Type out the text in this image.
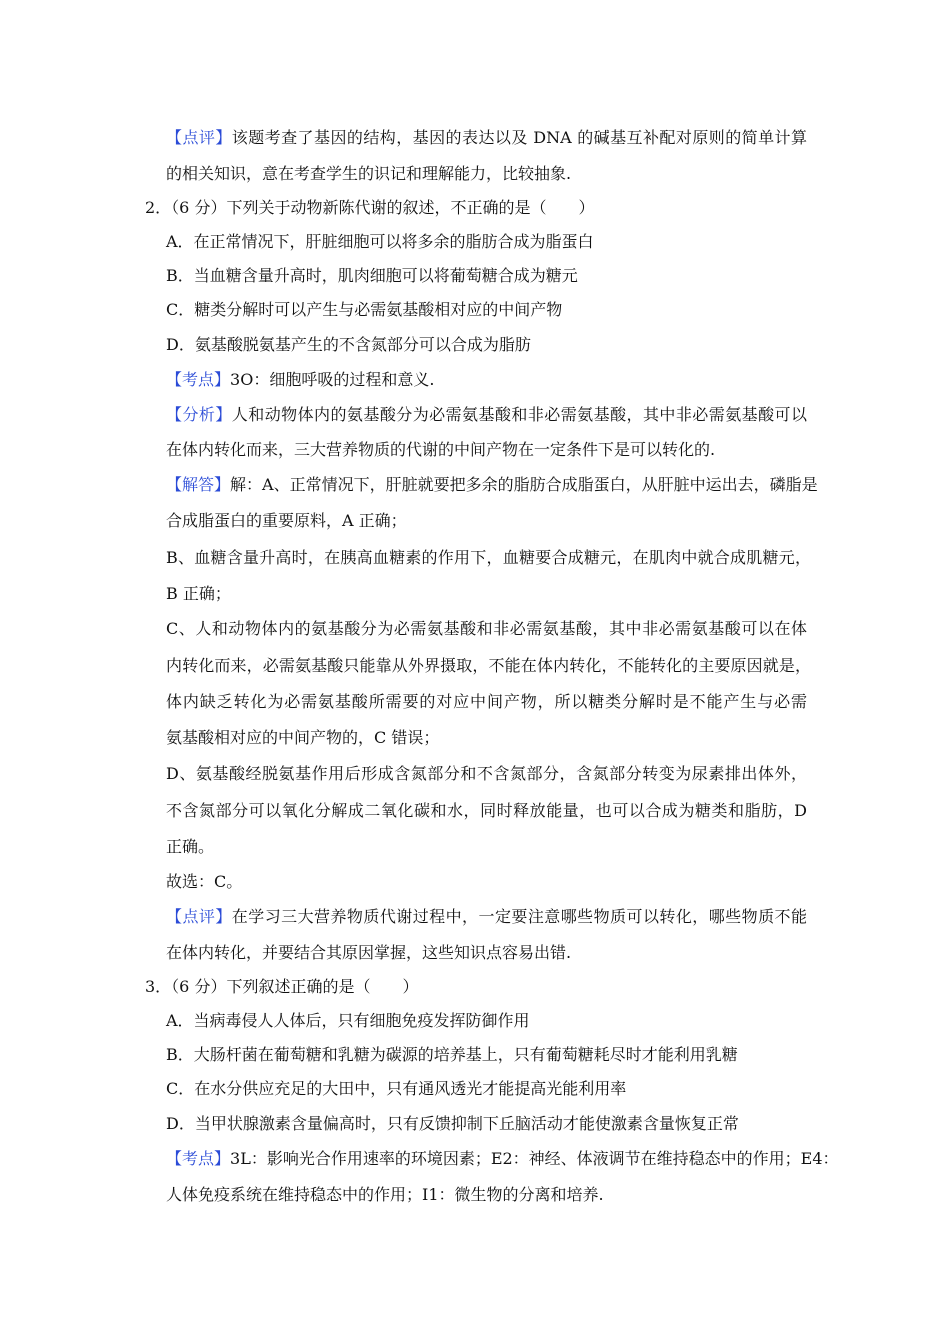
【点评】该题考查了基因的结构，基因的表达以及 DNA 的碱基互补配对原则的简单计算
的相关知识，意在考查学生的识记和理解能力，比较抽象.
2．（6 分）下列关于动物新陈代谢的叙述，不正确的是（　　）
A．在正常情况下，肝脏细胞可以将多余的脂肪合成为脂蛋白
B．当血糖含量升高时，肌肉细胞可以将葡萄糖合成为糖元
C．糖类分解时可以产生与必需氨基酸相对应的中间产物
D．氨基酸脱氨基产生的不含氮部分可以合成为脂肪
【考点】3O：细胞呼吸的过程和意义.
【分析】人和动物体内的氨基酸分为必需氨基酸和非必需氨基酸，其中非必需氨基酸可以
在体内转化而来，三大营养物质的代谢的中间产物在一定条件下是可以转化的.
【解答】解：A、正常情况下，肝脏就要把多余的脂肪合成脂蛋白，从肝脏中运出去，磷脂是
合成脂蛋白的重要原料，A 正确；
B、血糖含量升高时，在胰高血糖素的作用下，血糖要合成糖元，在肌肉中就合成肌糖元，
B 正确；
C、人和动物体内的氨基酸分为必需氨基酸和非必需氨基酸，其中非必需氨基酸可以在体
内转化而来，必需氨基酸只能靠从外界摄取，不能在体内转化，不能转化的主要原因就是，
体内缺乏转化为必需氨基酸所需要的对应中间产物，所以糖类分解时是不能产生与必需
氨基酸相对应的中间产物的，C 错误；
D、氨基酸经脱氨基作用后形成含氮部分和不含氮部分，含氮部分转变为尿素排出体外，
不含氮部分可以氧化分解成二氧化碳和水，同时释放能量，也可以合成为糖类和脂肪，D
正确。
故选：C。
【点评】在学习三大营养物质代谢过程中，一定要注意哪些物质可以转化，哪些物质不能
在体内转化，并要结合其原因掌握，这些知识点容易出错.
3．（6 分）下列叙述正确的是（　　）
A．当病毒侵人人体后，只有细胞免疫发挥防御作用
B．大肠杆菌在葡萄糖和乳糖为碳源的培养基上，只有葡萄糖耗尽时才能利用乳糖
C．在水分供应充足的大田中，只有通风透光才能提高光能利用率
D．当甲状腺激素含量偏高时，只有反馈抑制下丘脑活动才能使激素含量恢复正常
【考点】3L：影响光合作用速率的环境因素；E2：神经、体液调节在维持稳态中的作用；E4：
人体免疫系统在维持稳态中的作用；I1：微生物的分离和培养.
